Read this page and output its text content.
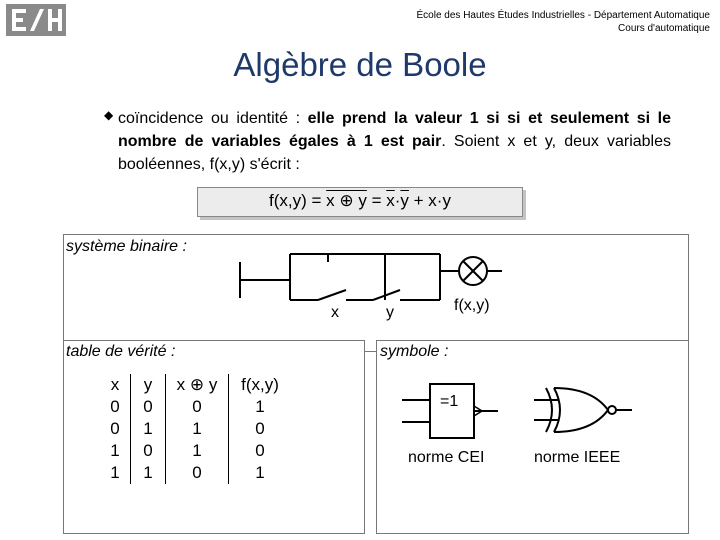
École des Hautes Études Industrielles - Département Automatique
Cours d'automatique
Algèbre de Boole
◆ coïncidence ou identité : elle prend la valeur 1 si si et seulement si le nombre de variables égales à 1 est pair. Soient x et y, deux variables booléennes, f(x,y) s'écrit :
f(x,y) = x ⊕ $y = \overline{x}\cdot\overline{y} + x\cdot y$
système binaire :
x	y	f(x,y)
table de vérité :
x	y	x ⊕ y	f(x,y)
0	0	0	1
0	1	1	0
1	0	1	0
1	1	0	1
symbole :
=1
norme CEI	norme IEEE
